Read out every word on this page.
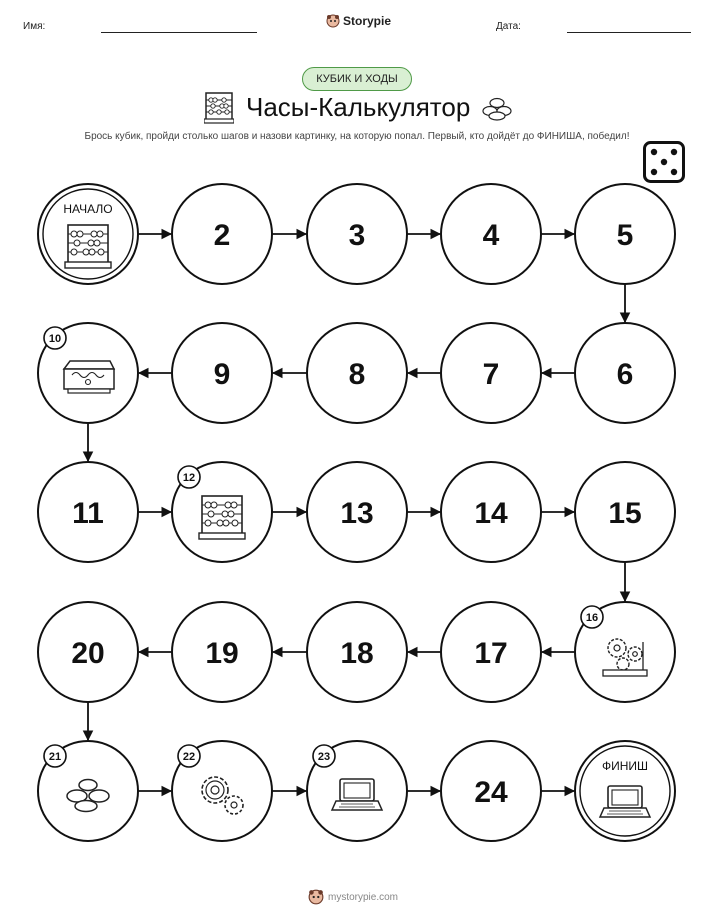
Имя:	Storypie	Дата:
КУБИК И ХОДЫ
Часы-Калькулятор
Брось кубик, пройди столько шагов и назови картинку, на которую попал. Первый, кто дойдёт до ФИНИША, победил!
НАЧАЛО
2	3	4	5
6
7
8
9
10
11
12
13	14	15
16
17
18
19
20
21	22	23
24
ФИНИШ
mystorypie.com
